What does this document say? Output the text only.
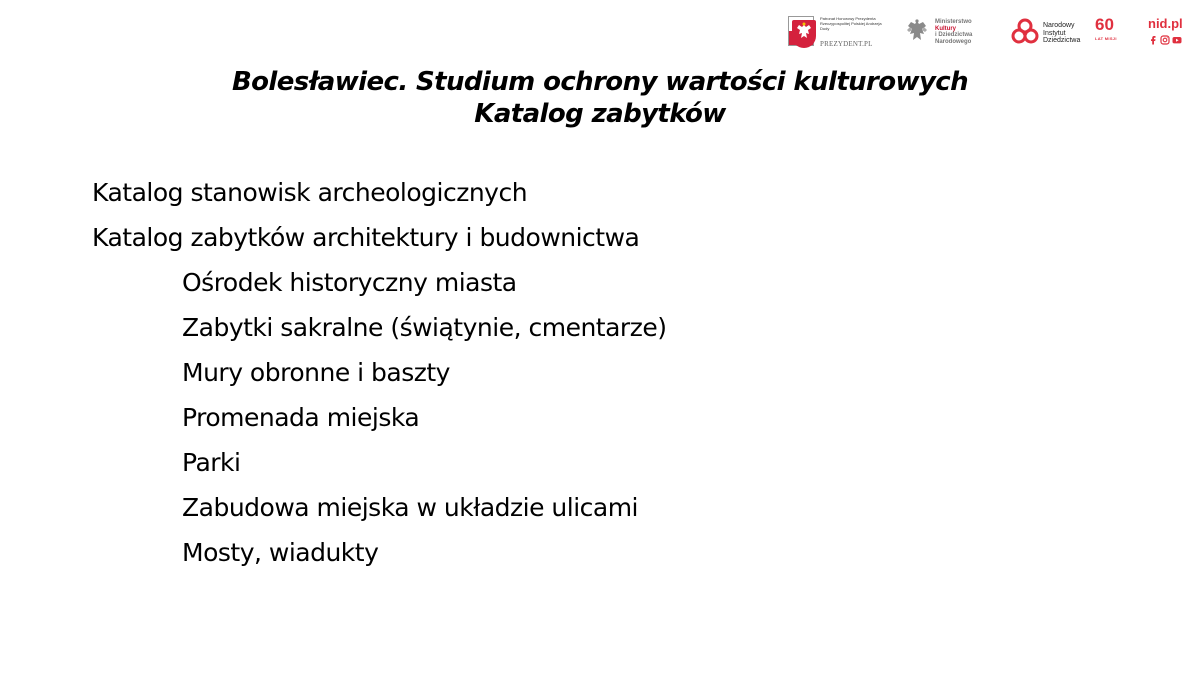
Patronat Honorowy Prezydenta Rzeczypospolitej Polskiej Andrzeja Dudy
PREZYDENT.PL
Ministerstwo
Kultury
i Dziedzictwa
Narodowego
Narodowy
Instytut
Dziedzictwa
60
LAT MISJI
nid.pl
Bolesławiec. Studium ochrony wartości kulturowych
Katalog zabytków
Katalog stanowisk archeologicznych
Katalog zabytków architektury i budownictwa
Ośrodek historyczny miasta
Zabytki sakralne (świątynie, cmentarze)
Mury obronne i baszty
Promenada miejska
Parki
Zabudowa miejska w układzie ulicami
Mosty, wiadukty
